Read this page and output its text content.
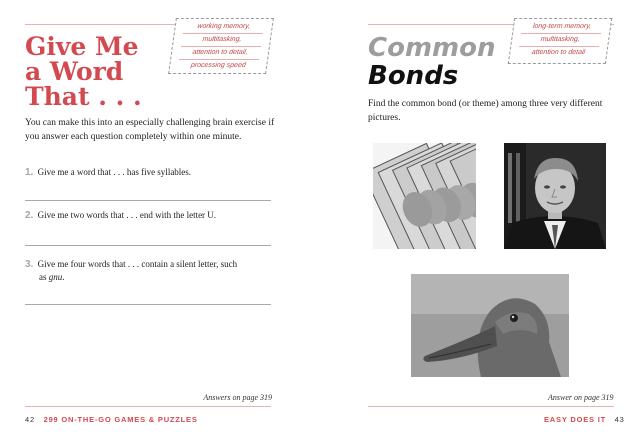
working memory,
multitasking,
attention to detail,
processing speed
Give Me
a Word
That . . .
You can make this into an especially challenging brain exercise if you answer each question completely within one minute.
1. Give me a word that . . . has five syllables.
2. Give me two words that . . . end with the letter U.
3. Give me four words that . . . contain a silent letter, such
as gnu.
Answers on page 319
42 299 ON-THE-GO GAMES & PUZZLES
long-term memory,
multitasking,
attention to detail
Common
Bonds
Find the common bond (or theme) among three very different pictures.
Answer on page 319
EASY DOES IT 43
